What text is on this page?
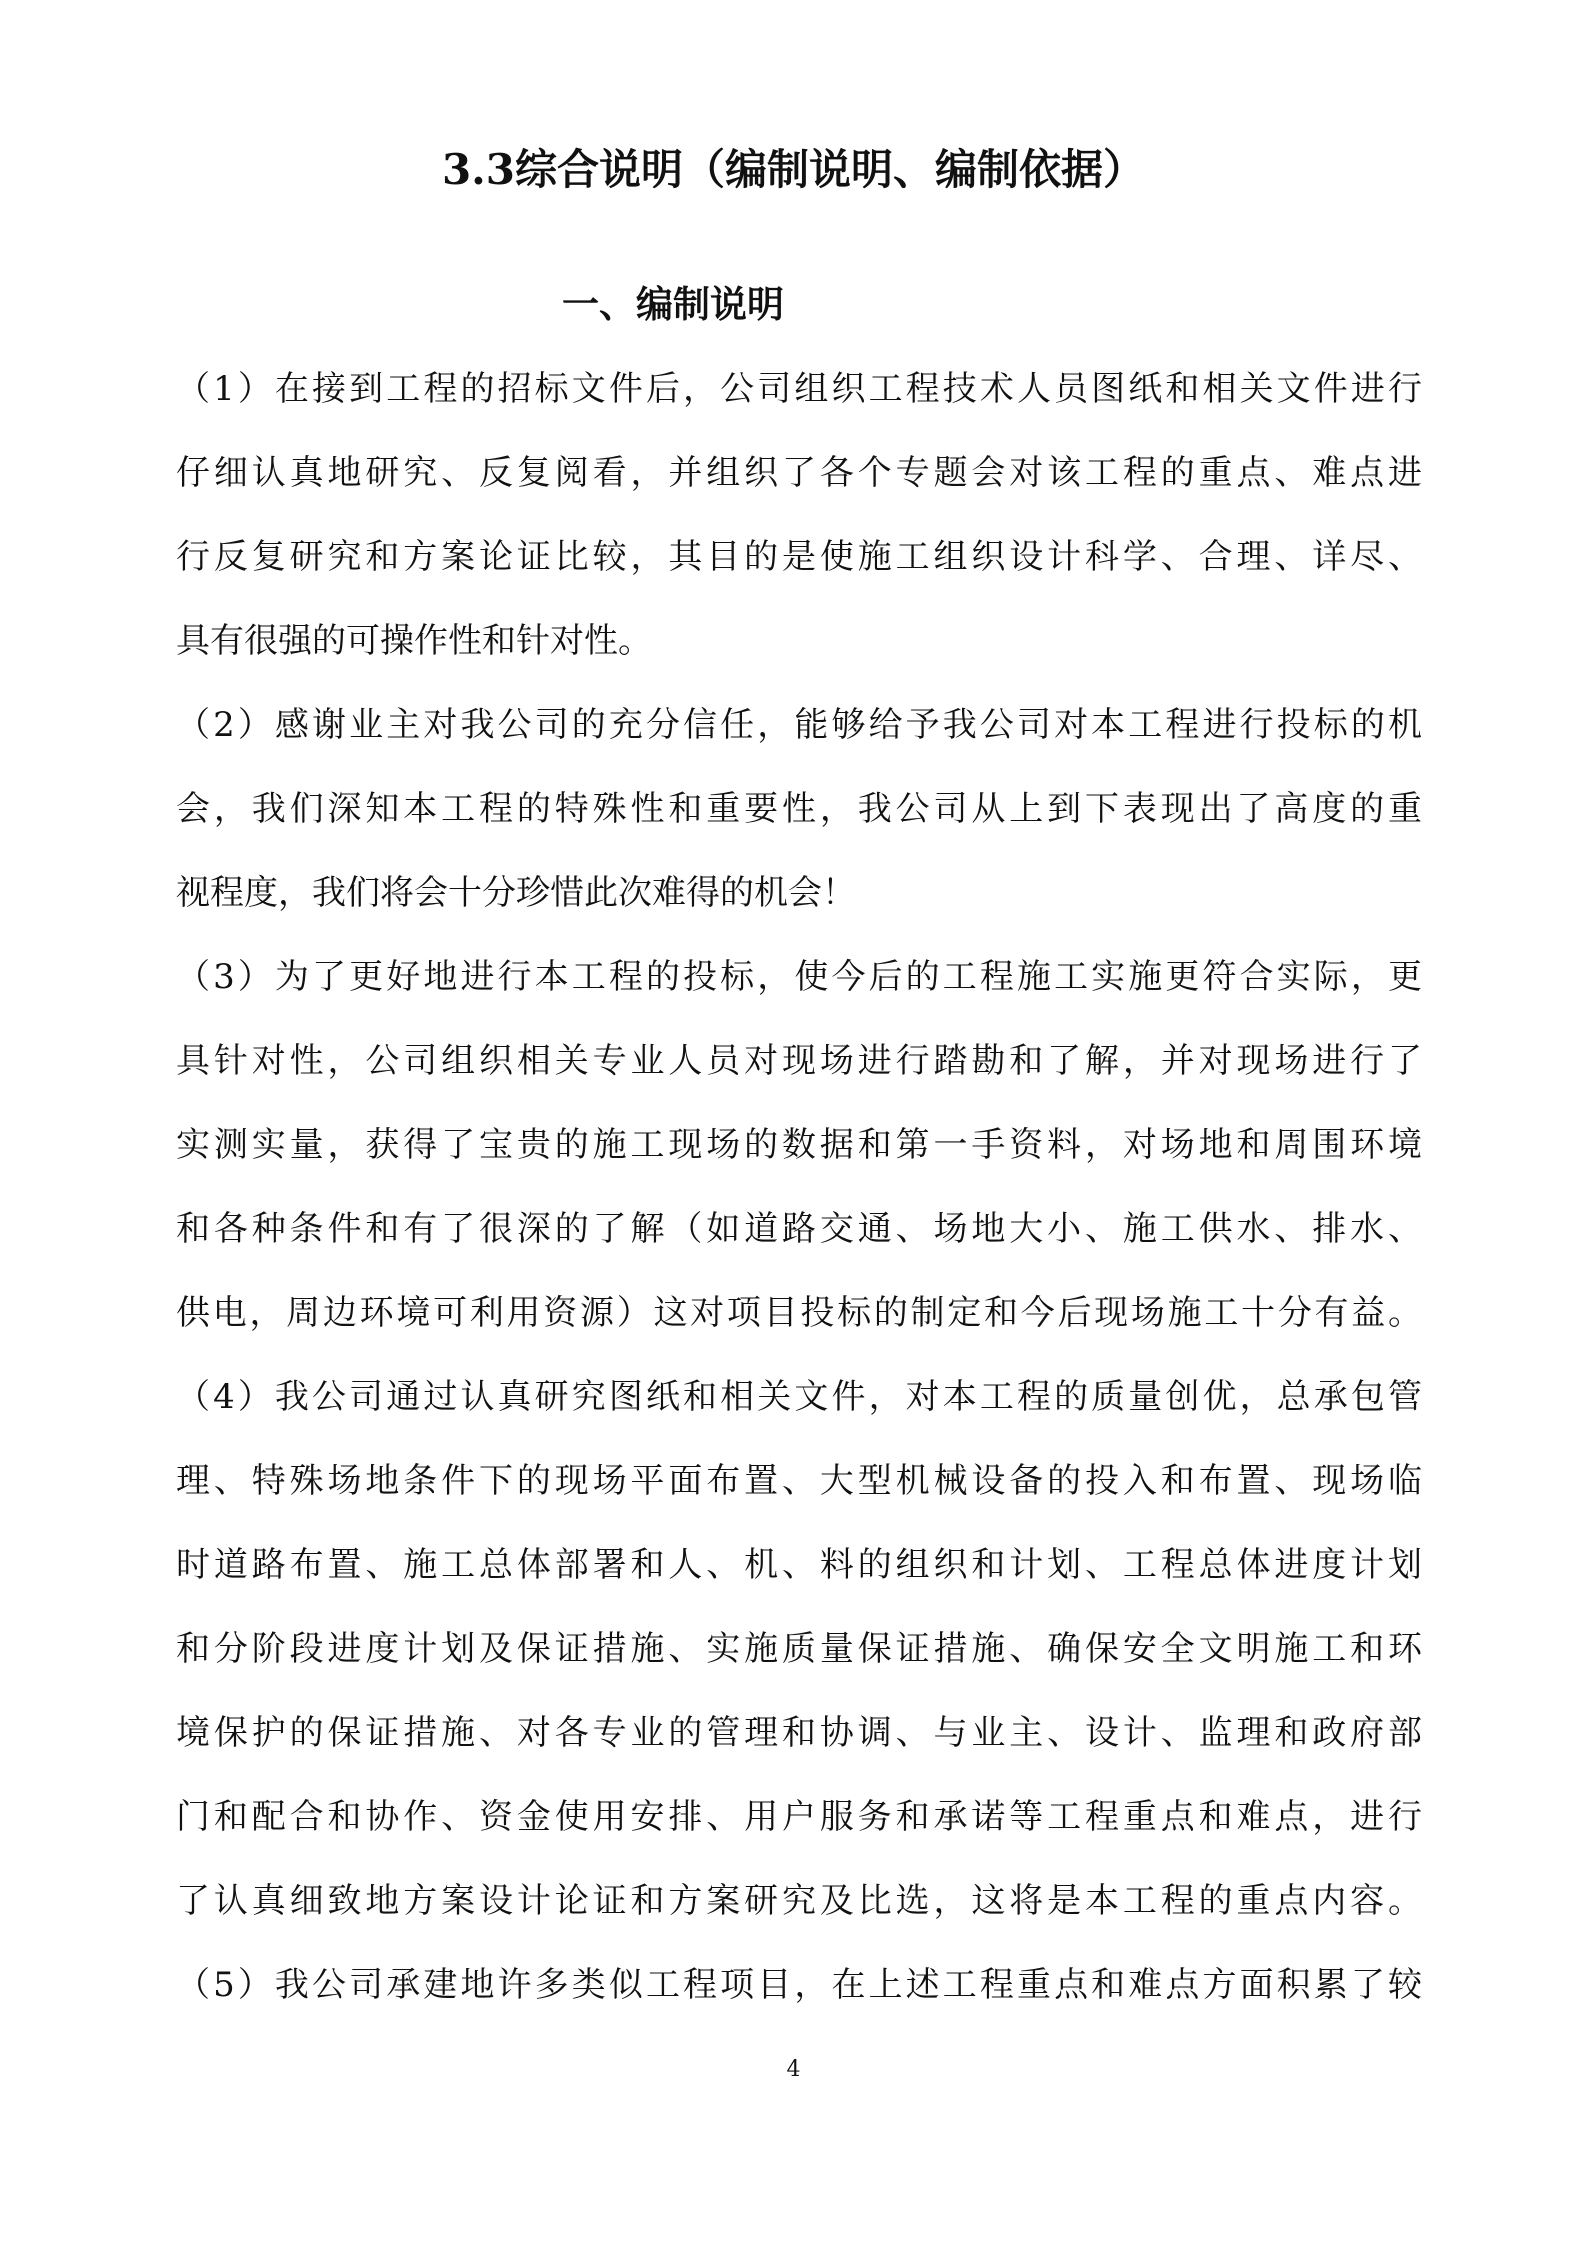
3.3综合说明（编制说明、编制依据）
一、编制说明

（1）在接到工程的招标文件后，公司组织工程技术人员图纸和相关文件进行

仔细认真地研究、反复阅看，并组织了各个专题会对该工程的重点、难点进

行反复研究和方案论证比较，其目的是使施工组织设计科学、合理、详尽、

具有很强的可操作性和针对性。

（2）感谢业主对我公司的充分信任，能够给予我公司对本工程进行投标的机

会，我们深知本工程的特殊性和重要性，我公司从上到下表现出了高度的重

视程度，我们将会十分珍惜此次难得的机会！

（3）为了更好地进行本工程的投标，使今后的工程施工实施更符合实际，更

具针对性，公司组织相关专业人员对现场进行踏勘和了解，并对现场进行了

实测实量，获得了宝贵的施工现场的数据和第一手资料，对场地和周围环境

和各种条件和有了很深的了解（如道路交通、场地大小、施工供水、排水、

供电，周边环境可利用资源）这对项目投标的制定和今后现场施工十分有益。

（4）我公司通过认真研究图纸和相关文件，对本工程的质量创优，总承包管

理、特殊场地条件下的现场平面布置、大型机械设备的投入和布置、现场临

时道路布置、施工总体部署和人、机、料的组织和计划、工程总体进度计划

和分阶段进度计划及保证措施、实施质量保证措施、确保安全文明施工和环

境保护的保证措施、对各专业的管理和协调、与业主、设计、监理和政府部

门和配合和协作、资金使用安排、用户服务和承诺等工程重点和难点，进行

了认真细致地方案设计论证和方案研究及比选，这将是本工程的重点内容。

（5）我公司承建地许多类似工程项目，在上述工程重点和难点方面积累了较

4
